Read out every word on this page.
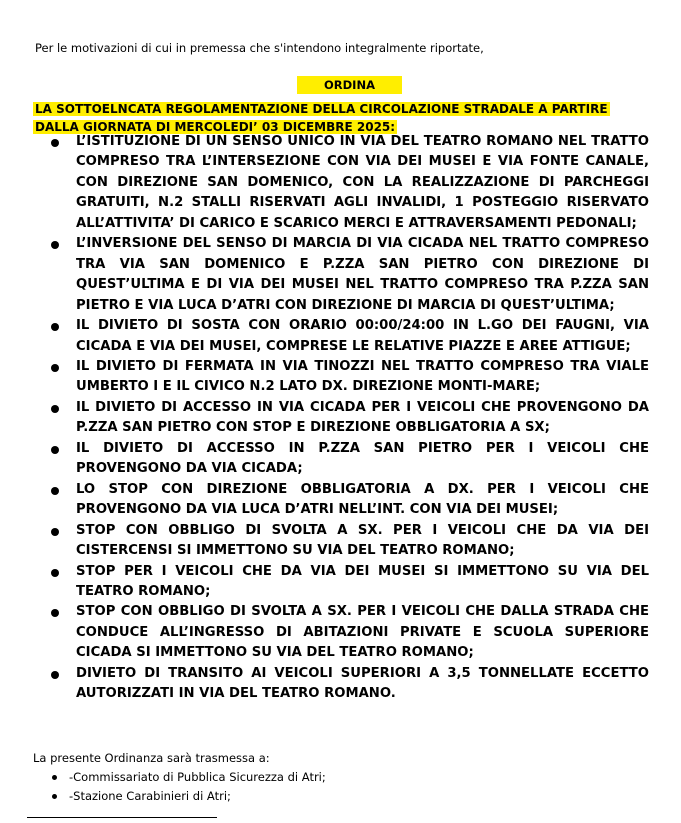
Per le motivazioni di cui in premessa che s'intendono integralmente riportate,
ORDINA
LA SOTTOELNCATA REGOLAMENTAZIONE DELLA CIRCOLAZIONE STRADALE A PARTIRE DALLA GIORNATA DI MERCOLEDI’ 03 DICEMBRE 2025:
L’ISTITUZIONE DI UN SENSO UNICO IN VIA DEL TEATRO ROMANO NEL TRATTO COMPRESO TRA L’INTERSEZIONE CON VIA DEI MUSEI E VIA FONTE CANALE, CON DIREZIONE SAN DOMENICO, CON LA REALIZZAZIONE DI PARCHEGGI GRATUITI, N.2 STALLI RISERVATI AGLI INVALIDI, 1 POSTEGGIO RISERVATO ALL’ATTIVITA’ DI CARICO E SCARICO MERCI E ATTRAVERSAMENTI PEDONALI;
L’INVERSIONE DEL SENSO DI MARCIA DI VIA CICADA NEL TRATTO COMPRESO TRA VIA SAN DOMENICO E P.ZZA SAN PIETRO CON DIREZIONE DI QUEST’ULTIMA E DI VIA DEI MUSEI NEL TRATTO COMPRESO TRA P.ZZA SAN PIETRO E VIA LUCA D’ATRI CON DIREZIONE DI MARCIA DI QUEST’ULTIMA;
IL DIVIETO DI SOSTA CON ORARIO 00:00/24:00 IN L.GO DEI FAUGNI, VIA CICADA E VIA DEI MUSEI, COMPRESE LE RELATIVE PIAZZE E AREE ATTIGUE;
IL DIVIETO DI FERMATA IN VIA TINOZZI NEL TRATTO COMPRESO TRA VIALE UMBERTO I E IL CIVICO N.2 LATO DX. DIREZIONE MONTI-MARE;
IL DIVIETO DI ACCESSO IN VIA CICADA PER I VEICOLI CHE PROVENGONO DA P.ZZA SAN PIETRO CON STOP E DIREZIONE OBBLIGATORIA A SX;
IL DIVIETO DI ACCESSO IN P.ZZA SAN PIETRO PER I VEICOLI CHE PROVENGONO DA VIA CICADA;
LO STOP CON DIREZIONE OBBLIGATORIA A DX. PER I VEICOLI CHE PROVENGONO DA VIA LUCA D’ATRI NELL’INT. CON VIA DEI MUSEI;
STOP CON OBBLIGO DI SVOLTA A SX. PER I VEICOLI CHE DA VIA DEI CISTERCENSI SI IMMETTONO SU VIA DEL TEATRO ROMANO;
STOP PER I VEICOLI CHE DA VIA DEI MUSEI SI IMMETTONO SU VIA DEL TEATRO ROMANO;
STOP CON OBBLIGO DI SVOLTA A SX. PER I VEICOLI CHE DALLA STRADA CHE CONDUCE ALL’INGRESSO DI ABITAZIONI PRIVATE E SCUOLA SUPERIORE CICADA SI IMMETTONO SU VIA DEL TEATRO ROMANO;
DIVIETO DI TRANSITO AI VEICOLI SUPERIORI A 3,5 TONNELLATE ECCETTO AUTORIZZATI IN VIA DEL TEATRO ROMANO.
La presente Ordinanza sarà trasmessa a:
-Commissariato di Pubblica Sicurezza di Atri;
-Stazione Carabinieri di Atri;
